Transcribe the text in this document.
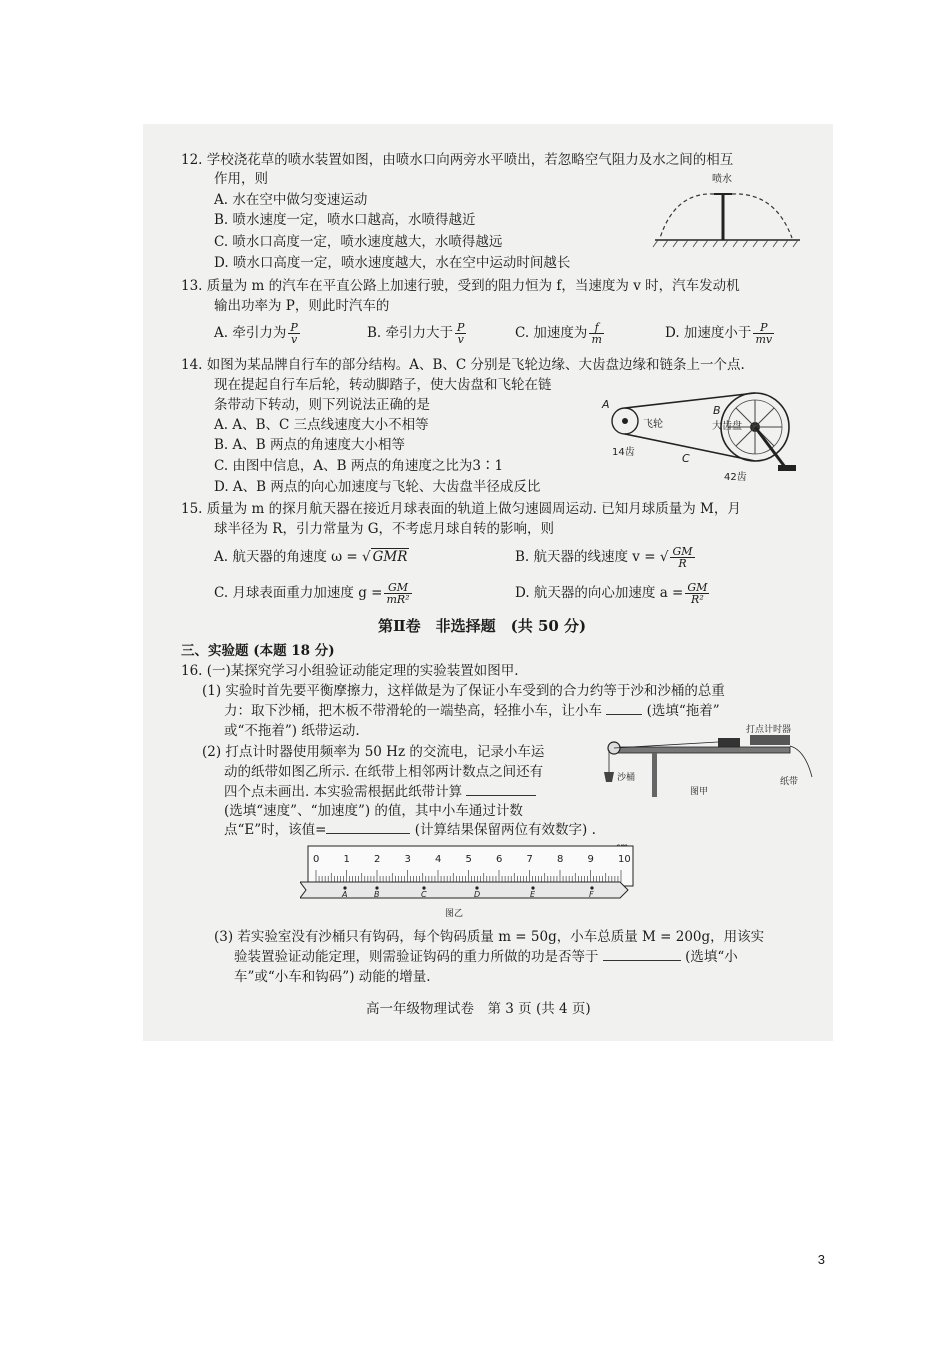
12. 学校浇花草的喷水装置如图，由喷水口向两旁水平喷出，若忽略空气阻力及水之间的相互
作用，则
A. 水在空中做匀变速运动
B. 喷水速度一定，喷水口越高，水喷得越近
C. 喷水口高度一定，喷水速度越大，水喷得越远
D. 喷水口高度一定，喷水速度越大，水在空中运动时间越长
喷水
13. 质量为 m 的汽车在平直公路上加速行驶，受到的阻力恒为 f，当速度为 v 时，汽车发动机
输出功率为 P，则此时汽车的
A. 牵引力为 $\frac{P}{v}$	B. 牵引力大于 $\frac{P}{v}$	C. 加速度为 $\frac{f}{m}$	D. 加速度小于 $\frac{P}{mv}$
14. 如图为某品牌自行车的部分结构。A、B、C 分别是飞轮边缘、大齿盘边缘和链条上一个点.
现在提起自行车后轮，转动脚踏子，使大齿盘和飞轮在链
条带动下转动，则下列说法正确的是
A. A、B、C 三点线速度大小不相等
B. A、B 两点的角速度大小相等
C. 由图中信息，A、B 两点的角速度之比为3∶1
D. A、B 两点的向心加速度与飞轮、大齿盘半径成反比
A
飞轮
B
大齿盘
C
14齿
42齿
15. 质量为 m 的探月航天器在接近月球表面的轨道上做匀速圆周运动. 已知月球质量为 M，月
球半径为 R，引力常量为 G，不考虑月球自转的影响，则
A. 航天器的角速度 ω = √ GMR	B. 航天器的线速度 v = √ $\frac{GM}{R}$
C. 月球表面重力加速度 $g = \frac{GM}{\text{mR²}}$	D. 航天器的向心加速度 $a = \frac{GM}{\text{R²}}$
第Ⅱ卷　非选择题　(共 50 分)
三、实验题 (本题 18 分)
16. (一)某探究学习小组验证动能定理的实验装置如图甲.
(1) 实验时首先要平衡摩擦力，这样做是为了保证小车受到的合力约等于沙和沙桶的总重
力：取下沙桶，把木板不带滑轮的一端垫高，轻推小车，让小车	(选填“拖着”
或“不拖着”) 纸带运动.
(2) 打点计时器使用频率为 50 Hz 的交流电，记录小车运
动的纸带如图乙所示. 在纸带上相邻两计数点之间还有
四个点未画出. 本实验需根据此纸带计算
(选填“速度”、“加速度”) 的值，其中小车通过计数
点“E”时，该值=	(计算结果保留两位有效数字) .
打点计时器
沙桶	纸带
图甲
0 1 2 3 4 5 6 7 8 9 10
A	B	C	D	E	F
图乙
(3) 若实验室没有沙桶只有钩码，每个钩码质量 m = 50g，小车总质量 M = 200g，用该实
验装置验证动能定理，则需验证钩码的重力所做的功是否等于	(选填“小
车”或“小车和钩码”) 动能的增量.
高一年级物理试卷　第 3 页 (共 4 页)
3
